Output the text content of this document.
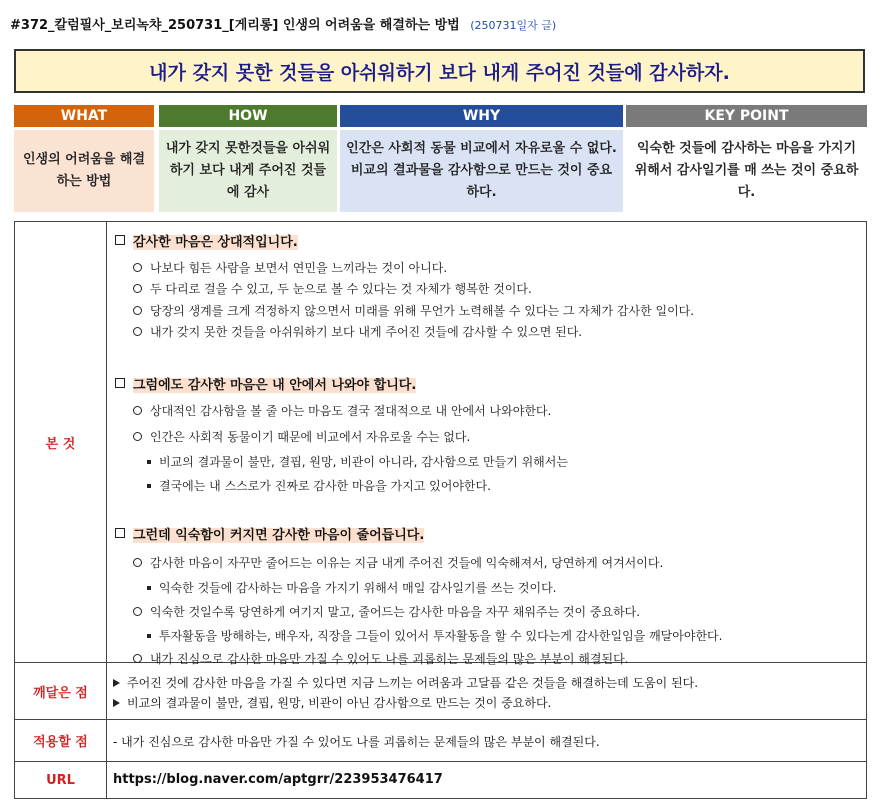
#372_칼럼필사_보리녹챠_250731_[게리롱] 인생의 어려움을 해결하는 방법 (250731일자 글)
내가 갖지 못한 것들을 아쉬워하기 보다 내게 주어진 것들에 감사하자.
WHAT
인생의 어려움을 해결하는 방법
HOW
내가 갖지 못한것들을 아쉬워하기 보다 내게 주어진 것들에 감사
WHY
인간은 사회적 동물 비교에서 자유로울 수 없다. 비교의 결과물을 감사함으로 만드는 것이 중요하다.
KEY POINT
익숙한 것들에 감사하는 마음을 가지기 위해서 감사일기를 매 쓰는 것이 중요하다.
본 것
감사한 마음은 상대적입니다.
나보다 힘든 사람을 보면서 연민을 느끼라는 것이 아니다.
두 다리로 걸을 수 있고, 두 눈으로 볼 수 있다는 것 자체가 행복한 것이다.
당장의 생계를 크게 걱정하지 않으면서 미래를 위해 무언가 노력해볼 수 있다는 그 자체가 감사한 일이다.
내가 갖지 못한 것들을 아쉬워하기 보다 내게 주어진 것들에 감사할 수 있으면 된다.
그럼에도 감사한 마음은 내 안에서 나와야 합니다.
상대적인 감사함을 볼 줄 아는 마음도 결국 절대적으로 내 안에서 나와야한다.
인간은 사회적 동물이기 때문에 비교에서 자유로울 수는 없다.
비교의 결과물이 불만, 결핍, 원망, 비관이 아니라, 감사함으로 만들기 위해서는
결국에는 내 스스로가 진짜로 감사한 마음을 가지고 있어야한다.
그런데 익숙함이 커지면 감사한 마음이 줄어듭니다.
감사한 마음이 자꾸만 줄어드는 이유는 지금 내게 주어진 것들에 익숙해져서, 당연하게 여겨서이다.
익숙한 것들에 감사하는 마음을 가지기 위해서 매일 감사일기를 쓰는 것이다.
익숙한 것일수록 당연하게 여기지 말고, 줄어드는 감사한 마음을 자꾸 채워주는 것이 중요하다.
투자활동을 방해하는, 배우자, 직장을 그들이 있어서 투자활동을 할 수 있다는게 감사한일임을 깨달아야한다.
내가 진심으로 감사한 마음만 가질 수 있어도 나를 괴롭히는 문제들의 많은 부분이 해결된다.
깨달은 점
주어진 것에 감사한 마음을 가질 수 있다면 지금 느끼는 어려움과 고달픔 같은 것들을 해결하는데 도움이 된다.
비교의 결과물이 불만, 결핍, 원망, 비관이 아닌 감사함으로 만드는 것이 중요하다.
적용할 점	- 내가 진심으로 감사한 마음만 가질 수 있어도 나를 괴롭히는 문제들의 많은 부분이 해결된다.
URL	https://blog.naver.com/aptgrr/223953476417
